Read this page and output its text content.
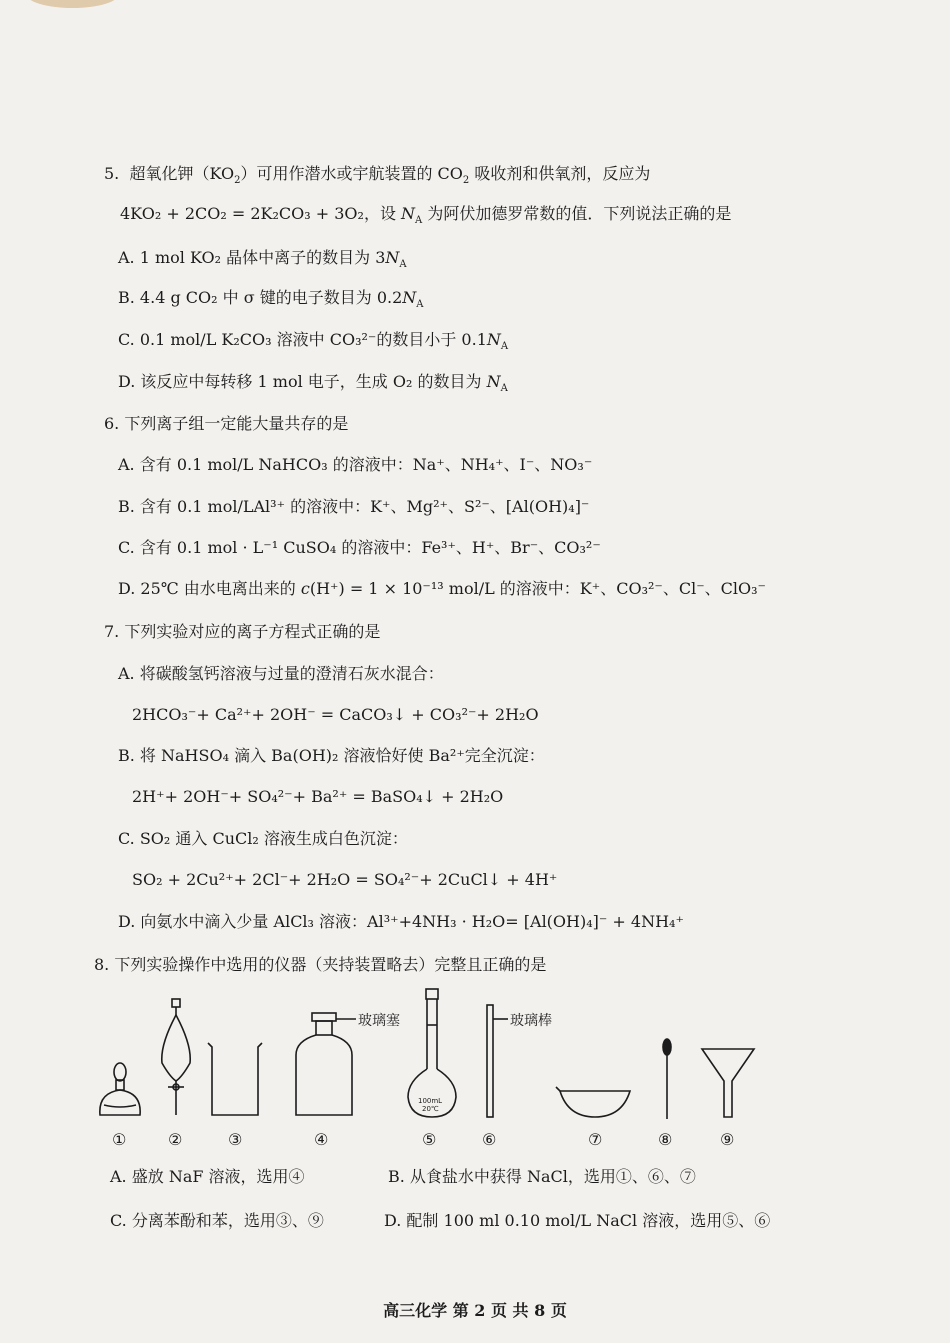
5. 超氧化钾$(KO_2)$可用作潜水或宇航装置的 $CO_2$ 吸收剂和供氧剂，反应为
4KO₂ + 2CO₂ = 2K₂CO₃ + 3O₂，设 $N_A$ 为阿伏加德罗常数的值．下列说法正确的是
A. 1 mol KO₂ 晶体中离子的数目为 $3N_A$
B. 4.4 g CO₂ 中 σ 键的电子数目为 $0.2N_A$
C. 0.1 mol/L K₂CO₃ 溶液中 CO₃²⁻的数目小于 $0.1N_A$
D. 该反应中每转移 1 mol 电子，生成 O₂ 的数目为 $N_A$
6. 下列离子组一定能大量共存的是
A. 含有 0.1 mol/L NaHCO₃ 的溶液中：Na⁺、NH₄⁺、I⁻、NO₃⁻
B. 含有 0.1 mol/LAl³⁺ 的溶液中：K⁺、Mg²⁺、S²⁻、[Al(OH)₄]⁻
C. 含有 0.1 mol · L⁻¹ CuSO₄ 的溶液中：Fe³⁺、H⁺、Br⁻、CO₃²⁻
D. 25℃ 由水电离出来的 c(H⁺) = 1 × 10⁻¹³ mol/L 的溶液中：K⁺、CO₃²⁻、Cl⁻、ClO₃⁻
7. 下列实验对应的离子方程式正确的是
A. 将碳酸氢钙溶液与过量的澄清石灰水混合：
2HCO₃⁻+ Ca²⁺+ 2OH⁻ = CaCO₃↓ + CO₃²⁻+ 2H₂O
B. 将 NaHSO₄ 滴入 Ba(OH)₂ 溶液恰好使 Ba²⁺完全沉淀：
2H⁺+ 2OH⁻+ SO₄²⁻+ Ba²⁺ = BaSO₄↓ + 2H₂O
C. SO₂ 通入 CuCl₂ 溶液生成白色沉淀：
SO₂ + 2Cu²⁺+ 2Cl⁻+ 2H₂O = SO₄²⁻+ 2CuCl↓ + 4H⁺
D. 向氨水中滴入少量 AlCl₃ 溶液：Al³⁺+4NH₃ · H₂O= [Al(OH)₄]⁻ + 4NH₄⁺
8. 下列实验操作中选用的仪器（夹持装置略去）完整且正确的是
玻璃塞	玻璃棒
100mL
20℃
①	②	③	④	⑤	⑥	⑦	⑧	⑨
A. 盛放 NaF 溶液，选用④	B. 从食盐水中获得 NaCl，选用①、⑥、⑦
C. 分离苯酚和苯，选用③、⑨	D. 配制 100 ml 0.10 mol/L NaCl 溶液，选用⑤、⑥
高三化学 第 2 页 共 8 页
